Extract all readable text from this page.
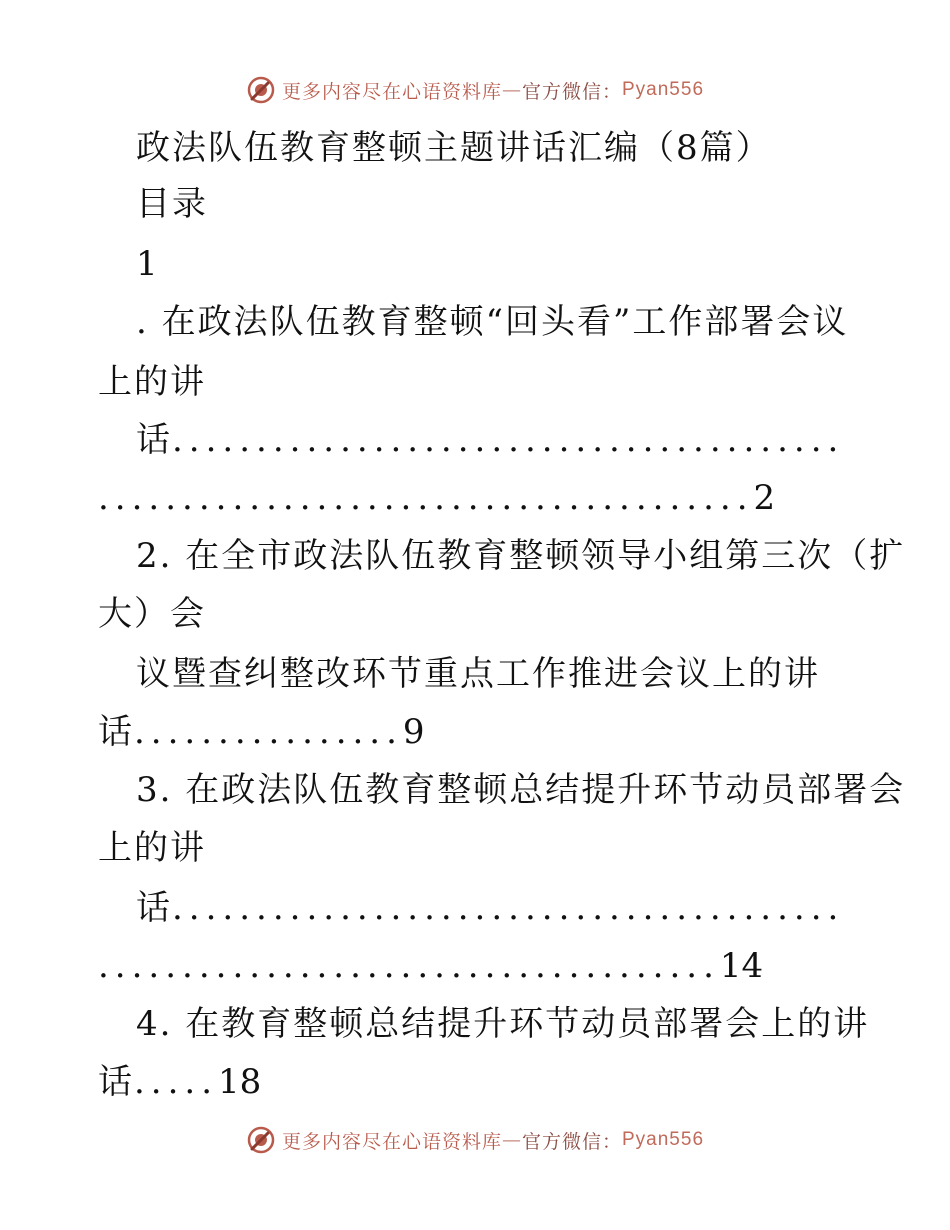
更多内容尽在心语资料库 — 官方微信： Pyan556
政法队伍教育整顿主题讲话汇编（8篇）
目录
1
. 在政法队伍教育整顿“回头看”工作部署会议
上的讲
话........................................
.......................................2
2. 在全市政法队伍教育整顿领导小组第三次（扩
大）会
议暨查纠整改环节重点工作推进会议上的讲
话................9
3. 在政法队伍教育整顿总结提升环节动员部署会
上的讲
话........................................
.....................................14
4. 在教育整顿总结提升环节动员部署会上的讲
话.....18
更多内容尽在心语资料库 — 官方微信： Pyan556
